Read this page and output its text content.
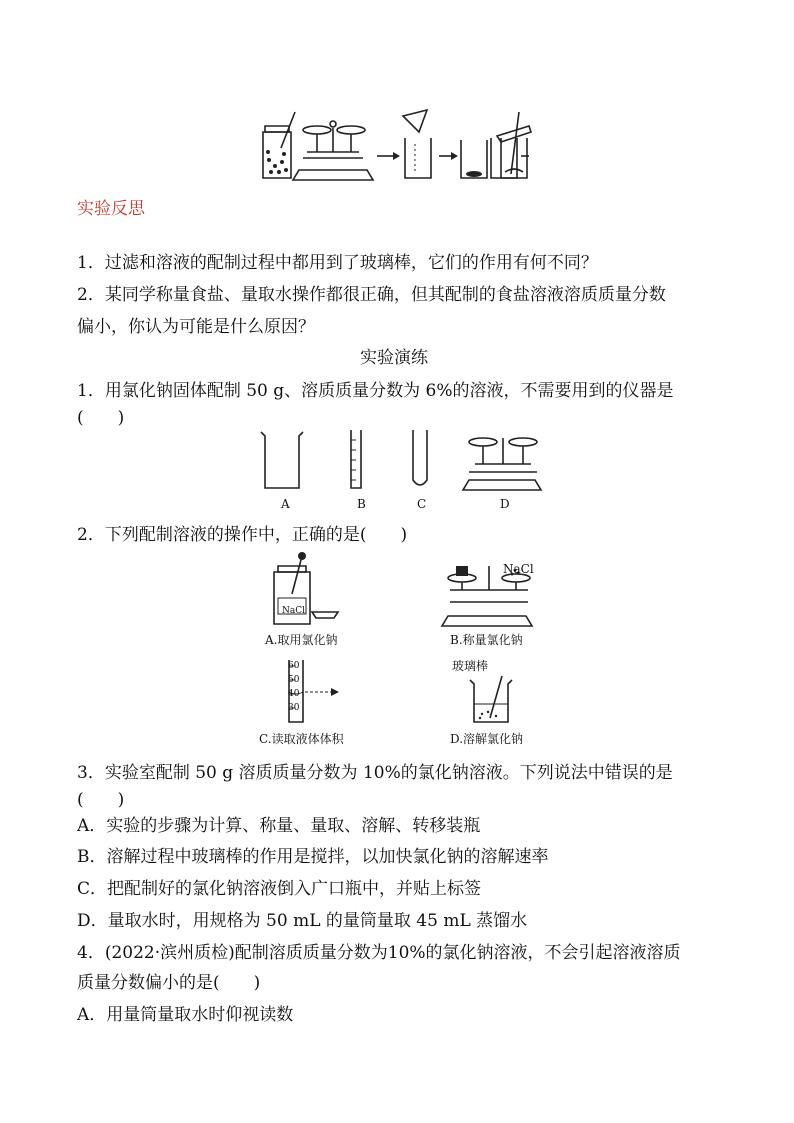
实验反思
1．过滤和溶液的配制过程中都用到了玻璃棒，它们的作用有何不同？
2．某同学称量食盐、量取水操作都很正确，但其配制的食盐溶液溶质质量分数
偏小，你认为可能是什么原因？
实验演练
1．用氯化钠固体配制 50 g、溶质质量分数为 6%的溶液，不需要用到的仪器是
(　　)
A	B	C	D
2．下列配制溶液的操作中，正确的是(　　)
NaCl
NaCl
A.取用氯化钠	B.称量氯化钠
60
50
40
30
玻璃棒
C.读取液体体积	D.溶解氯化钠
3．实验室配制 50 g 溶质质量分数为 10%的氯化钠溶液。下列说法中错误的是
(　　)
A．实验的步骤为计算、称量、量取、溶解、转移装瓶
B．溶解过程中玻璃棒的作用是搅拌，以加快氯化钠的溶解速率
C．把配制好的氯化钠溶液倒入广口瓶中，并贴上标签
D．量取水时，用规格为 50 mL 的量筒量取 45 mL 蒸馏水
4．(2022·滨州质检)配制溶质质量分数为10%的氯化钠溶液，不会引起溶液溶质
质量分数偏小的是(　　)
A．用量筒量取水时仰视读数
